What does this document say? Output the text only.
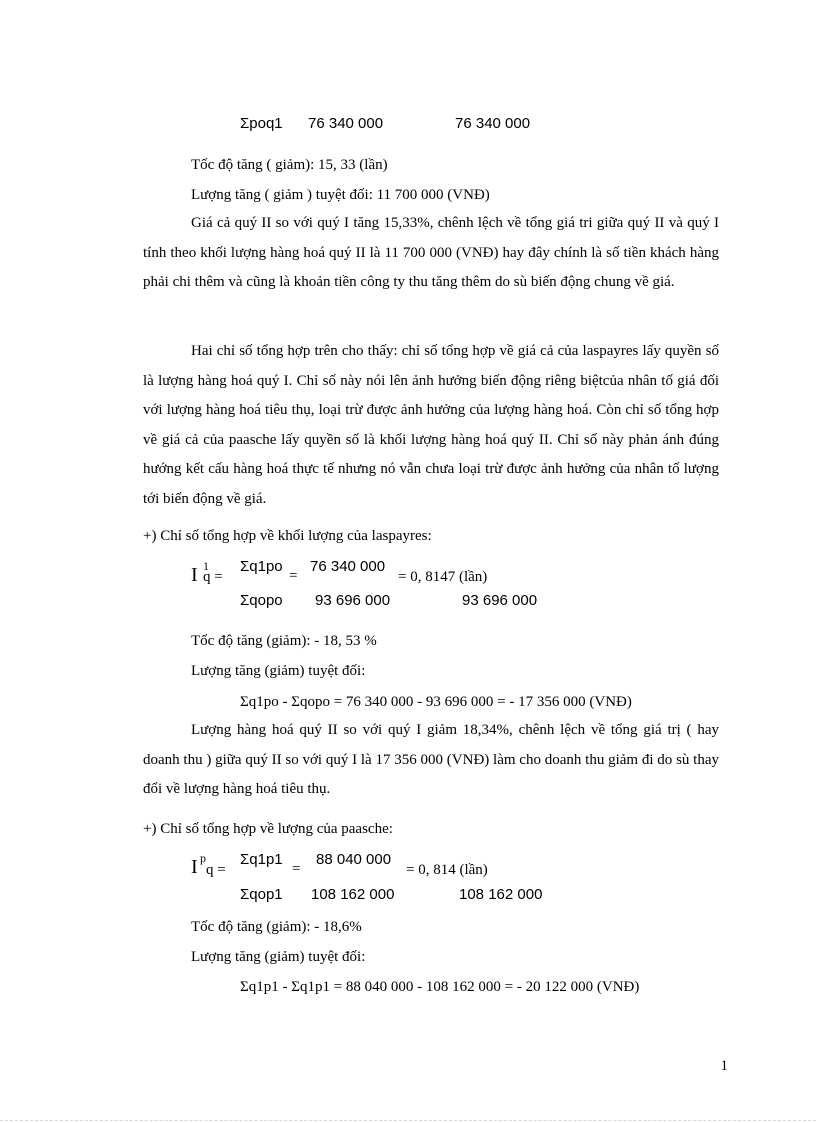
Σpoq1 76 340 000	76 340 000
Tốc độ tăng ( giảm): 15, 33 (lần)
Lượng tăng ( giảm ) tuyệt đối: 11 700 000 (VNĐ)
Giá cả quý II so với quý I tăng 15,33%, chênh lệch về tổng giá tri giữa quý II và quý I tính theo khối lượng hàng hoá quý II là 11 700 000 (VNĐ) hay đây chính là số tiền khách hàng phải chi thêm và cũng là khoản tiền công ty thu tăng thêm do sù biến động chung về giá.
Hai chỉ số tổng hợp trên cho thấy: chỉ số tổng hợp về giá cả của laspayres lấy quyền số là lượng hàng hoá quý I. Chỉ số này nói lên ảnh hưởng biến động riêng biệtcủa nhân tố giá đối với lượng hàng hoá tiêu thụ, loại trừ được ảnh hưởng của lượng hàng hoá. Còn chỉ số tổng hợp về giá cả của paasche lấy quyền số là khối lượng hàng hoá quý II. Chỉ số này phản ánh đúng hướng kết cấu hàng hoá thực tế nhưng nó vẫn chưa loại trừ được ảnh hưởng của nhân tố lượng tới biến động về giá.
+) Chỉ số tổng hợp về khối lượng của laspayres:
I 1
q =
Σq1po
=
76 340 000
= 0, 8147 (lần)
Σqopo 93 696 000	93 696 000
Tốc độ tăng (giảm): - 18, 53 %
Lượng tăng (giảm) tuyệt đối:
Σq1po - Σqopo = 76 340 000 - 93 696 000 = - 17 356 000 (VNĐ)
Lượng hàng hoá quý II so với quý I giảm 18,34%, chênh lệch về tổng giá trị ( hay doanh thu ) giữa quý II so với quý I là 17 356 000 (VNĐ) làm cho doanh thu giảm đi do sù thay đổi về lượng hàng hoá tiêu thụ.
+) Chỉ số tổng hợp về lượng của paasche:
I p
q =
Σq1p1
=
88 040 000
= 0, 814 (lần)
Σqop1 108 162 000	108 162 000
Tốc độ tăng (giảm): - 18,6%
Lượng tăng (giảm) tuyệt đối:
Σq1p1 - Σq1p1 = 88 040 000 - 108 162 000 = - 20 122 000 (VNĐ)
1
